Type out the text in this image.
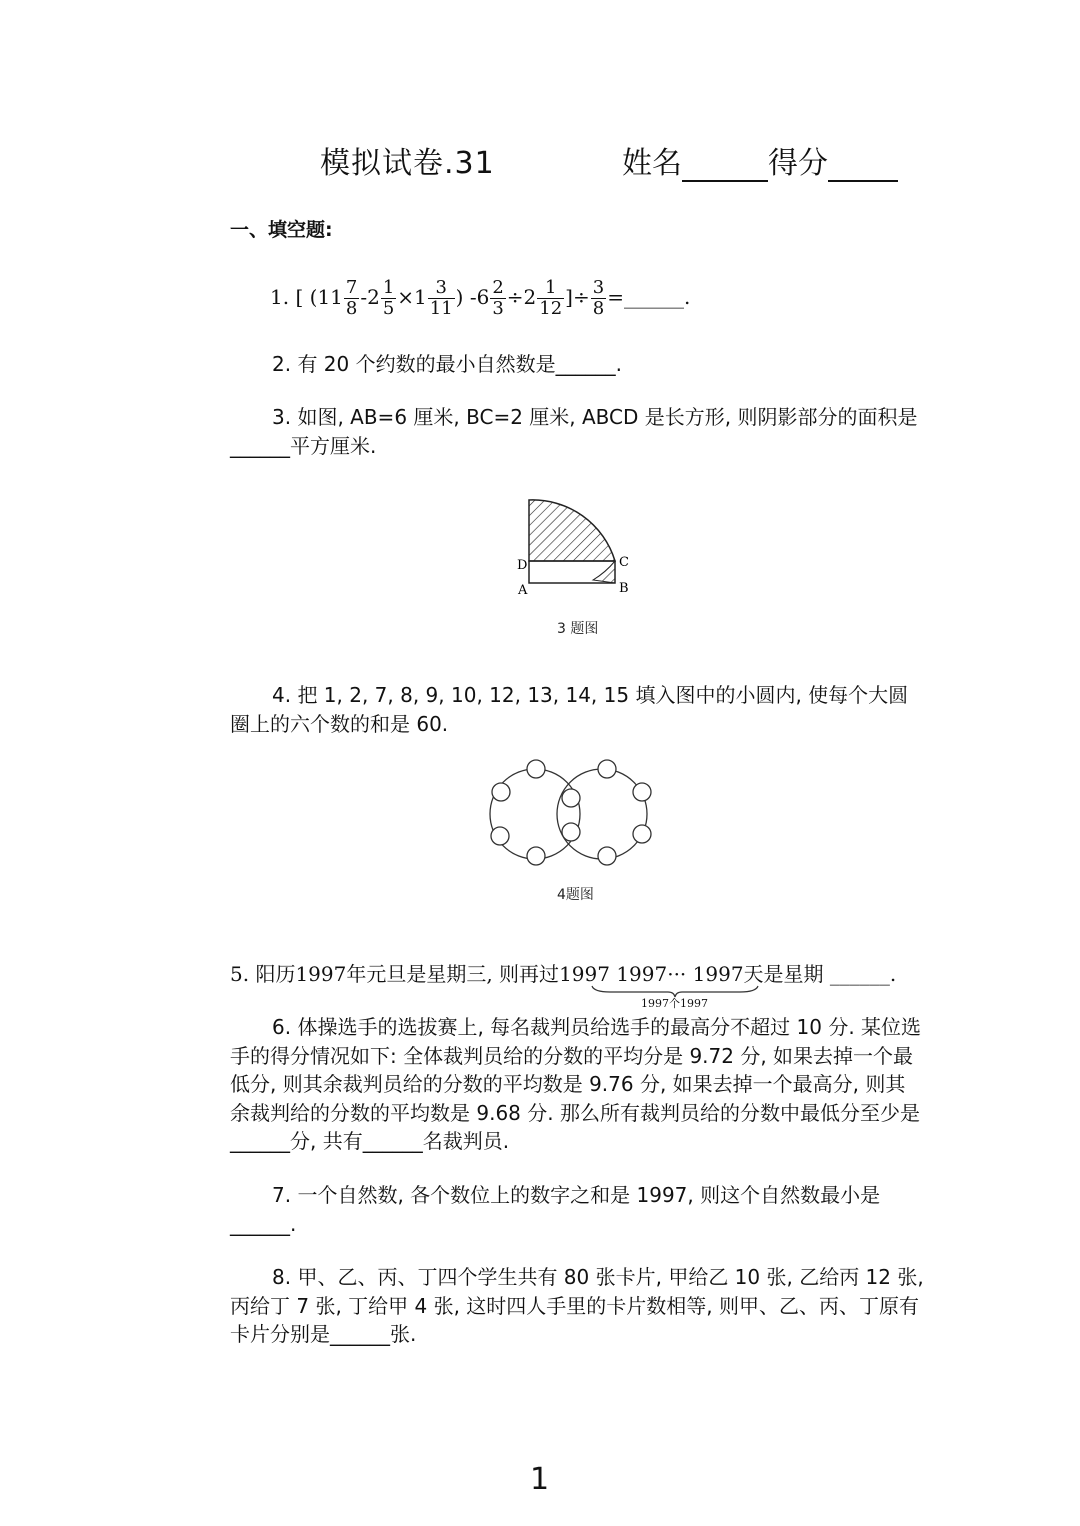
模拟试卷.31	姓名	得分
一、填空题:
1. [ ($11 \frac{7}{8} -2 \frac{1}{5} \times 1 \frac{3}{11}$ ) $-6 \frac{2}{3} \div 2 \frac{1}{12}$ ]÷ $\frac{3}{8}$ =______.
2. 有 20 个约数的最小自然数是______.
3. 如图, AB=6 厘米, BC=2 厘米, ABCD 是长方形, 则阴影部分的面积是______平方厘米.
D	C
A	B
3 题图
4. 把 1, 2, 7, 8, 9, 10, 12, 13, 14, 15 填入图中的小圆内, 使每个大圆圈上的六个数的和是 60.
4题图
5. 阳历1997年元旦是星期三, 则再过1997 1997··· 1997天是星期 ______.
1997个1997
6. 体操选手的选拔赛上, 每名裁判员给选手的最高分不超过 10 分. 某位选手的得分情况如下: 全体裁判员给的分数的平均分是 9.72 分, 如果去掉一个最低分, 则其余裁判员给的分数的平均数是 9.76 分, 如果去掉一个最高分, 则其余裁判给的分数的平均数是 9.68 分. 那么所有裁判员给的分数中最低分至少是______分, 共有______名裁判员.
7. 一个自然数, 各个数位上的数字之和是 1997, 则这个自然数最小是______.
8. 甲、乙、丙、丁四个学生共有 80 张卡片, 甲给乙 10 张, 乙给丙 12 张, 丙给丁 7 张, 丁给甲 4 张, 这时四人手里的卡片数相等, 则甲、乙、丙、丁原有卡片分别是______张.
1
